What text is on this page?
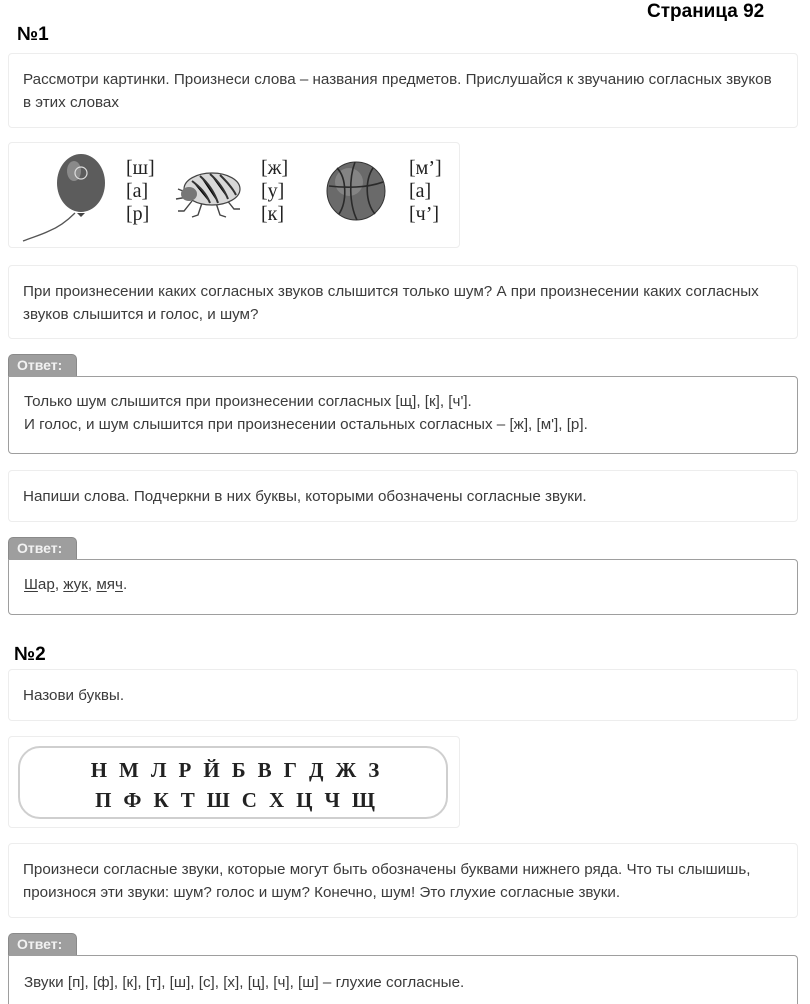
Страница 92
№1
Рассмотри картинки. Произнеси слова – названия предметов. Прислушайся к звучанию согласных звуков в этих словах
[ш]
[а]
[р]
[ж]
[у]
[к]
[м’]
[а]
[ч’]
При произнесении каких согласных звуков слышится только шум? А при произнесении каких согласных звуков слышится и голос, и шум?
Ответ:
Только шум слышится при произнесении согласных [щ], [к], [ч'].
И голос, и шум слышится при произнесении остальных согласных – [ж], [м'], [р].
Напиши слова. Подчеркни в них буквы, которыми обозначены согласные звуки.
Ответ:
Шар, жук, мяч.
№2
Назови буквы.
Н М Л Р Й Б В Г Д Ж З
П Ф К Т Ш С Х Ц Ч Щ
Произнеси согласные звуки, которые могут быть обозначены буквами нижнего ряда. Что ты слышишь, произнося эти звуки: шум? голос и шум? Конечно, шум! Это глухие согласные звуки.
Ответ:
Звуки [п], [ф], [к], [т], [ш], [с], [х], [ц], [ч], [ш] – глухие согласные.
